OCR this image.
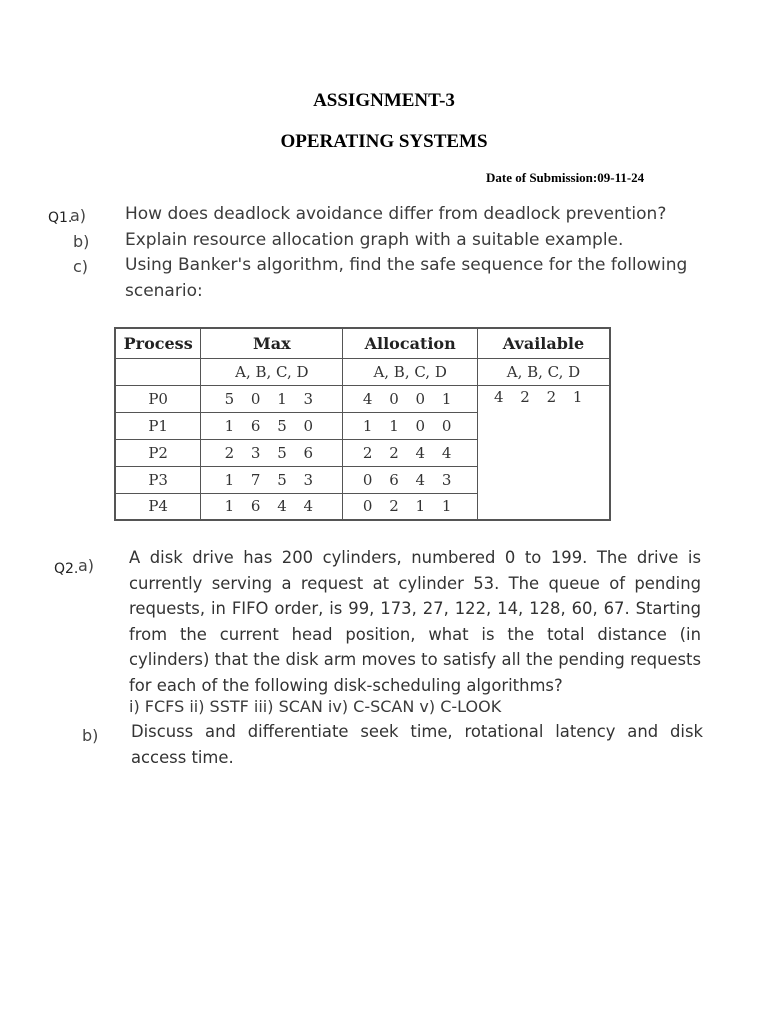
ASSIGNMENT-3
OPERATING SYSTEMS
Date of Submission:09-11-24
Q1.
a) How does deadlock avoidance differ from deadlock prevention?
b) Explain resource allocation graph with a suitable example.
c) Using Banker's algorithm, find the safe sequence for the following
scenario:
Process	Max	Allocation	Available
	A, B, C, D	A, B, C, D	A, B, C, D
P0	5 0 1 3	4 0 0 1	4 2 2 1
P1	1 6 5 0	1 1 0 0	
P2	2 3 5 6	2 2 4 4	
P3	1 7 5 3	0 6 4 3	
P4	1 6 4 4	0 2 1 1	
Q2. a) A disk drive has 200 cylinders, numbered 0 to 199. The drive is currently serving a request at cylinder 53. The queue of pending requests, in FIFO order, is 99, 173, 27, 122, 14, 128, 60, 67. Starting from the current head position, what is the total distance (in cylinders) that the disk arm moves to satisfy all the pending requests for each of the following disk-scheduling algorithms?
i) FCFS ii) SSTF iii) SCAN iv) C-SCAN v) C-LOOK
b) Discuss and differentiate seek time, rotational latency and disk access time.
